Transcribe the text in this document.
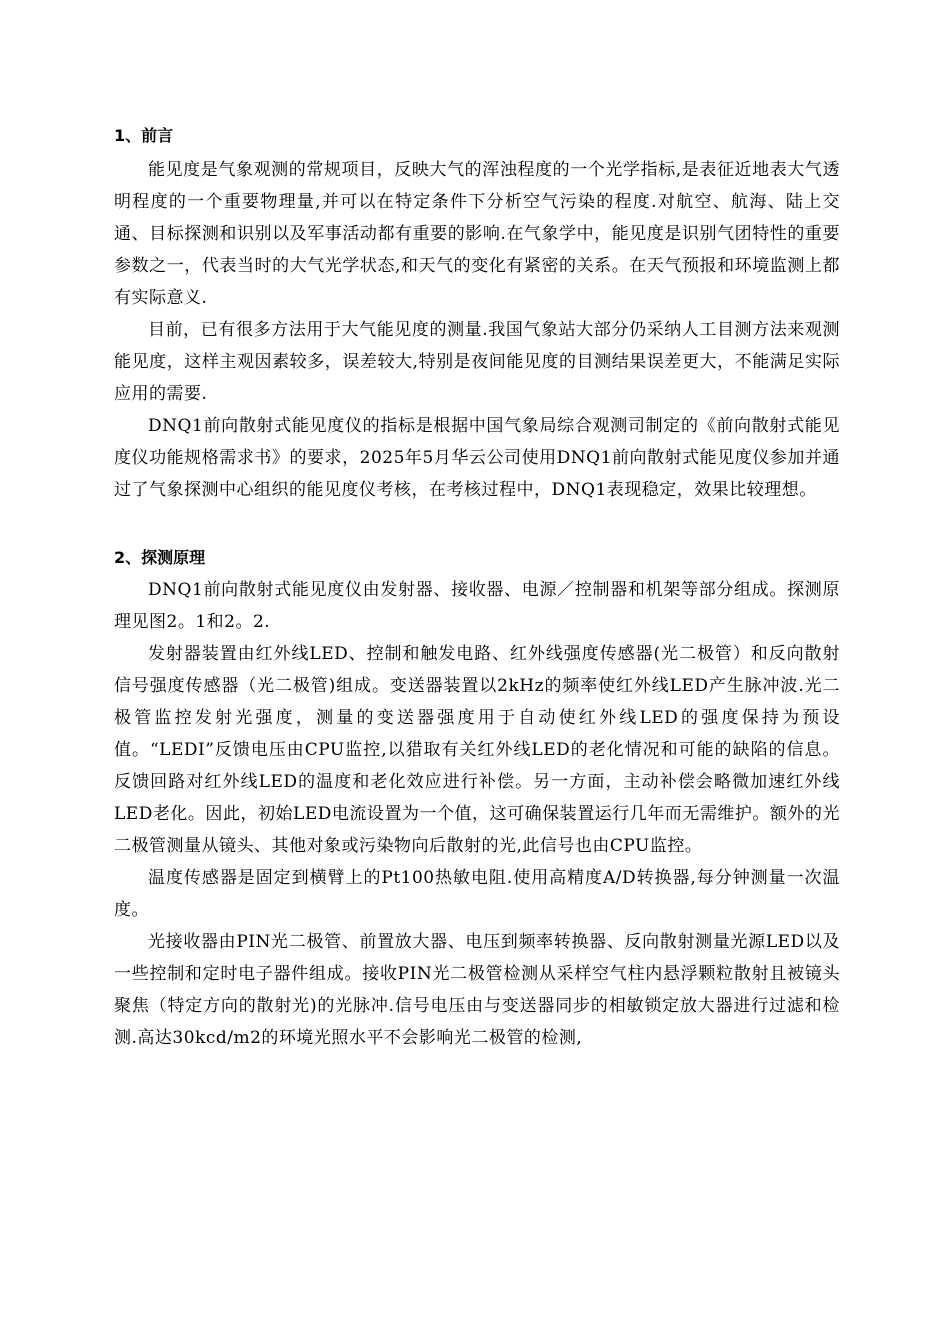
1、前言

能见度是气象观测的常规项目，反映大气的浑浊程度的一个光学指标,是表征近地表大气透明程度的一个重要物理量,并可以在特定条件下分析空气污染的程度.对航空、航海、陆上交通、目标探测和识别以及军事活动都有重要的影响.在气象学中，能见度是识别气团特性的重要参数之一，代表当时的大气光学状态,和天气的变化有紧密的关系。在天气预报和环境监测上都有实际意义.

目前，已有很多方法用于大气能见度的测量.我国气象站大部分仍采纳人工目测方法来观测能见度，这样主观因素较多，误差较大,特别是夜间能见度的目测结果误差更大，不能满足实际应用的需要.

DNQ1前向散射式能见度仪的指标是根据中国气象局综合观测司制定的《前向散射式能见度仪功能规格需求书》的要求，2025年5月华云公司使用DNQ1前向散射式能见度仪参加并通过了气象探测中心组织的能见度仪考核，在考核过程中，DNQ1表现稳定，效果比较理想。

2、探测原理

DNQ1前向散射式能见度仪由发射器、接收器、电源／控制器和机架等部分组成。探测原理见图2。1和2。2.

发射器装置由红外线LED、控制和触发电路、红外线强度传感器(光二极管）和反向散射信号强度传感器（光二极管)组成。变送器装置以2kHz的频率使红外线LED产生脉冲波.光二极管监控发射光强度，测量的变送器强度用于自动使红外线LED的强度保持为预设值。“LEDI”反馈电压由CPU监控,以猎取有关红外线LED的老化情况和可能的缺陷的信息。反馈回路对红外线LED的温度和老化效应进行补偿。另一方面，主动补偿会略微加速红外线LED老化。因此，初始LED电流设置为一个值，这可确保装置运行几年而无需维护。额外的光二极管测量从镜头、其他对象或污染物向后散射的光,此信号也由CPU监控。

温度传感器是固定到横臂上的Pt100热敏电阻.使用高精度A/D转换器,每分钟测量一次温度。

光接收器由PIN光二极管、前置放大器、电压到频率转换器、反向散射测量光源LED以及一些控制和定时电子器件组成。接收PIN光二极管检测从采样空气柱内悬浮颗粒散射且被镜头聚焦（特定方向的散射光)的光脉冲.信号电压由与变送器同步的相敏锁定放大器进行过滤和检测.高达30kcd/m2的环境光照水平不会影响光二极管的检测,
